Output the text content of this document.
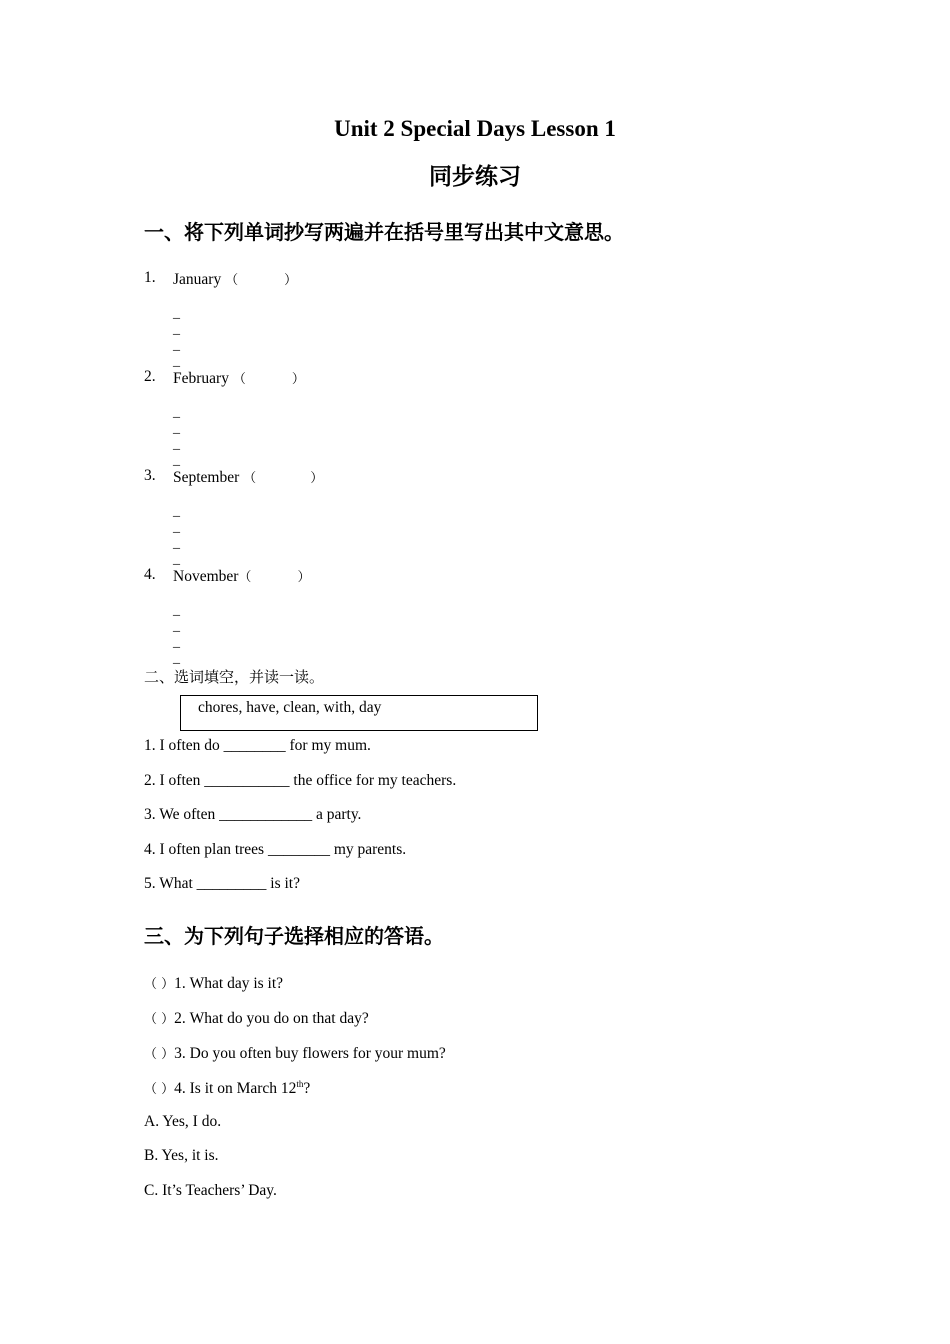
Unit 2 Special Days Lesson 1
同步练习
一、将下列单词抄写两遍并在括号里写出其中文意思。
1. January （	）
_
_
_
_
2. February （	）
_
_
_
_
3. September （	）
_
_
_
_
4. November（	）
_
_
_
_
二、选词填空，并读一读。
chores, have, clean, with, day
1. I often do ________ for my mum.
2. I often ___________ the office for my teachers.
3. We often ____________ a party.
4. I often plan trees ________ my parents.
5. What _________ is it?
三、为下列句子选择相应的答语。
（ ）1. What day is it?
（ ）2. What do you do on that day?
（ ）3. Do you often buy flowers for your mum?
（ ）4. Is it on March 12th?
A. Yes, I do.
B. Yes, it is.
C. It’s Teachers’ Day.
